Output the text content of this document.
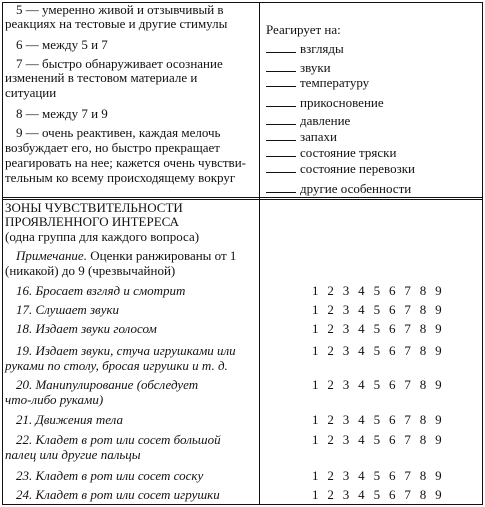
5 — умеренно живой и отзывчивый в
реакциях на тестовые и другие стимулы
6 — между 5 и 7
7 — быстро обнаруживает осознание
изменений в тестовом материале и
ситуации
8 — между 7 и 9
9 — очень реактивен, каждая мелочь
возбуждает его, но быстро прекращает
реагировать на нее; кажется очень чувстви-
тельным ко всему происходящему вокруг
Реагирует на:
взгляды
звуки
температуру
прикосновение
давление
запахи
состояние тряски
состояние перевозки
другие особенности
ЗОНЫ ЧУВСТВИТЕЛЬНОСТИ
ПРОЯВЛЕННОГО ИНТЕРЕСА
(одна группа для каждого вопроса)
Примечание. Оценки ранжированы от 1
(никакой) до 9 (чрезвычайной)
16. Бросает взгляд и смотрит	1 2 3 4 5 6 7 8 9
17. Слушает звуки	1 2 3 4 5 6 7 8 9
18. Издает звуки голосом	1 2 3 4 5 6 7 8 9
19. Издает звуки, стуча игрушками или
руками по столу, бросая игрушки и т. д.
1 2 3 4 5 6 7 8 9
20. Манипулирование (обследует
что-либо руками)
1 2 3 4 5 6 7 8 9
21. Движения тела	1 2 3 4 5 6 7 8 9
22. Кладет в рот или сосет большой
палец или другие пальцы
1 2 3 4 5 6 7 8 9
23. Кладет в рот или сосет соску	1 2 3 4 5 6 7 8 9
24. Кладет в рот или сосет игрушки	1 2 3 4 5 6 7 8 9
